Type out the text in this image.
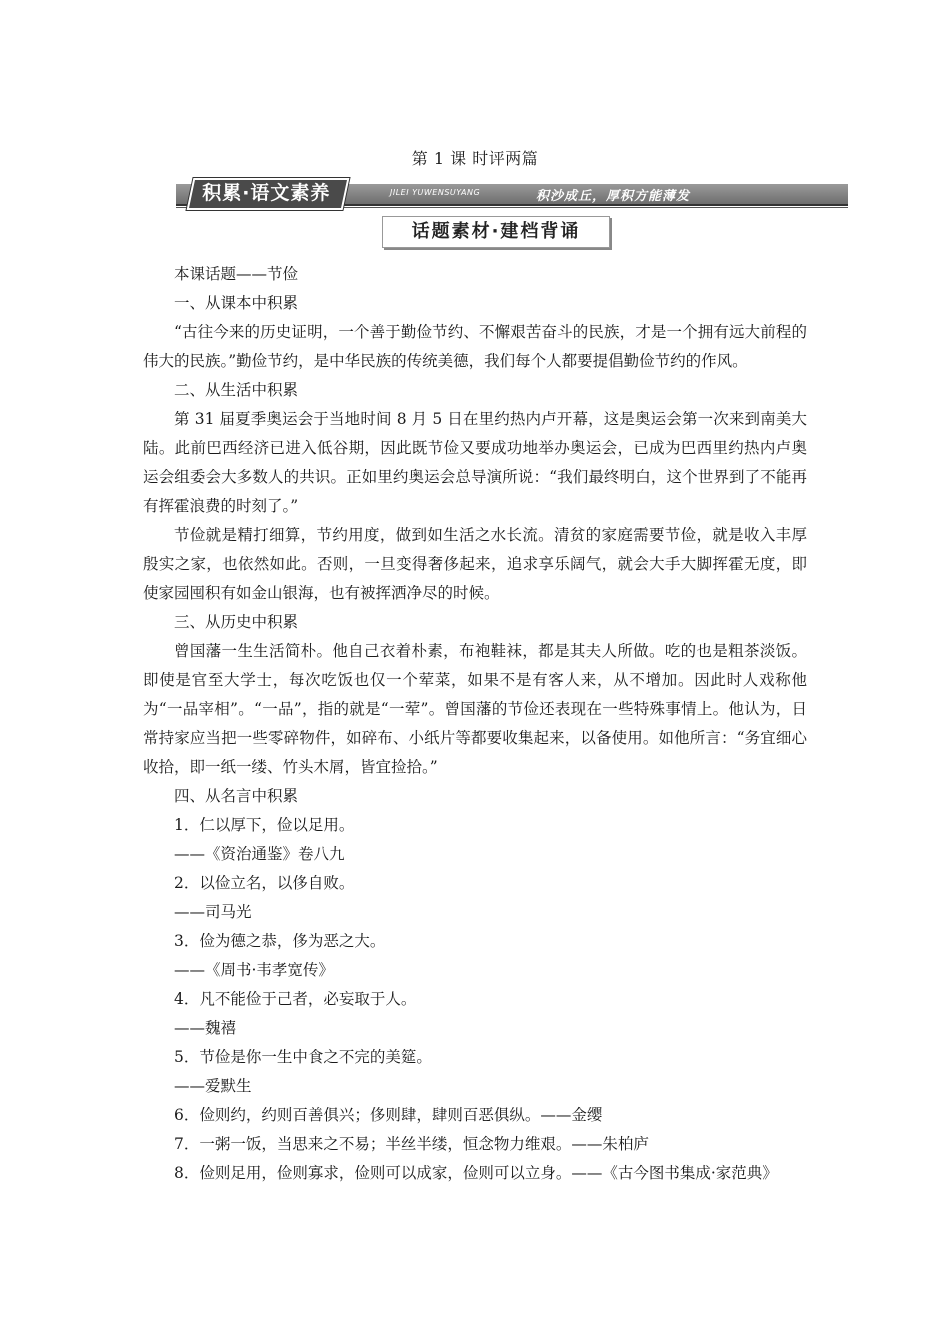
第 1 课 时评两篇
积累·语文素养	JILEI YUWENSUYANG	积沙成丘，厚积方能薄发
话题素材·建档背诵

本课话题——节俭

一、从课本中积累

“古往今来的历史证明，一个善于勤俭节约、不懈艰苦奋斗的民族，才是一个拥有远大前程的伟大的民族。”勤俭节约，是中华民族的传统美德，我们每个人都要提倡勤俭节约的作风。

二、从生活中积累

第 31 届夏季奥运会于当地时间 8 月 5 日在里约热内卢开幕，这是奥运会第一次来到南美大陆。此前巴西经济已进入低谷期，因此既节俭又要成功地举办奥运会，已成为巴西里约热内卢奥运会组委会大多数人的共识。正如里约奥运会总导演所说：“我们最终明白，这个世界到了不能再有挥霍浪费的时刻了。”

节俭就是精打细算，节约用度，做到如生活之水长流。清贫的家庭需要节俭，就是收入丰厚殷实之家，也依然如此。否则，一旦变得奢侈起来，追求享乐阔气，就会大手大脚挥霍无度，即使家园囤积有如金山银海，也有被挥洒净尽的时候。

三、从历史中积累

曾国藩一生生活简朴。他自己衣着朴素，布袍鞋袜，都是其夫人所做。吃的也是粗茶淡饭。即使是官至大学士，每次吃饭也仅一个荤菜，如果不是有客人来，从不增加。因此时人戏称他为“一品宰相”。“一品”，指的就是“一荤”。曾国藩的节俭还表现在一些特殊事情上。他认为，日常持家应当把一些零碎物件，如碎布、小纸片等都要收集起来，以备使用。如他所言：“务宜细心收拾，即一纸一缕、竹头木屑，皆宜捡拾。”

四、从名言中积累

1．仁以厚下，俭以足用。

——《资治通鉴》卷八九

2．以俭立名，以侈自败。

——司马光

3．俭为德之恭，侈为恶之大。

——《周书·韦孝宽传》

4．凡不能俭于己者，必妄取于人。

——魏禧

5．节俭是你一生中食之不完的美筵。

——爱默生

6．俭则约，约则百善俱兴；侈则肆，肆则百恶俱纵。——金缨

7．一粥一饭，当思来之不易；半丝半缕，恒念物力维艰。——朱柏庐

8．俭则足用，俭则寡求，俭则可以成家，俭则可以立身。——《古今图书集成·家范典》
